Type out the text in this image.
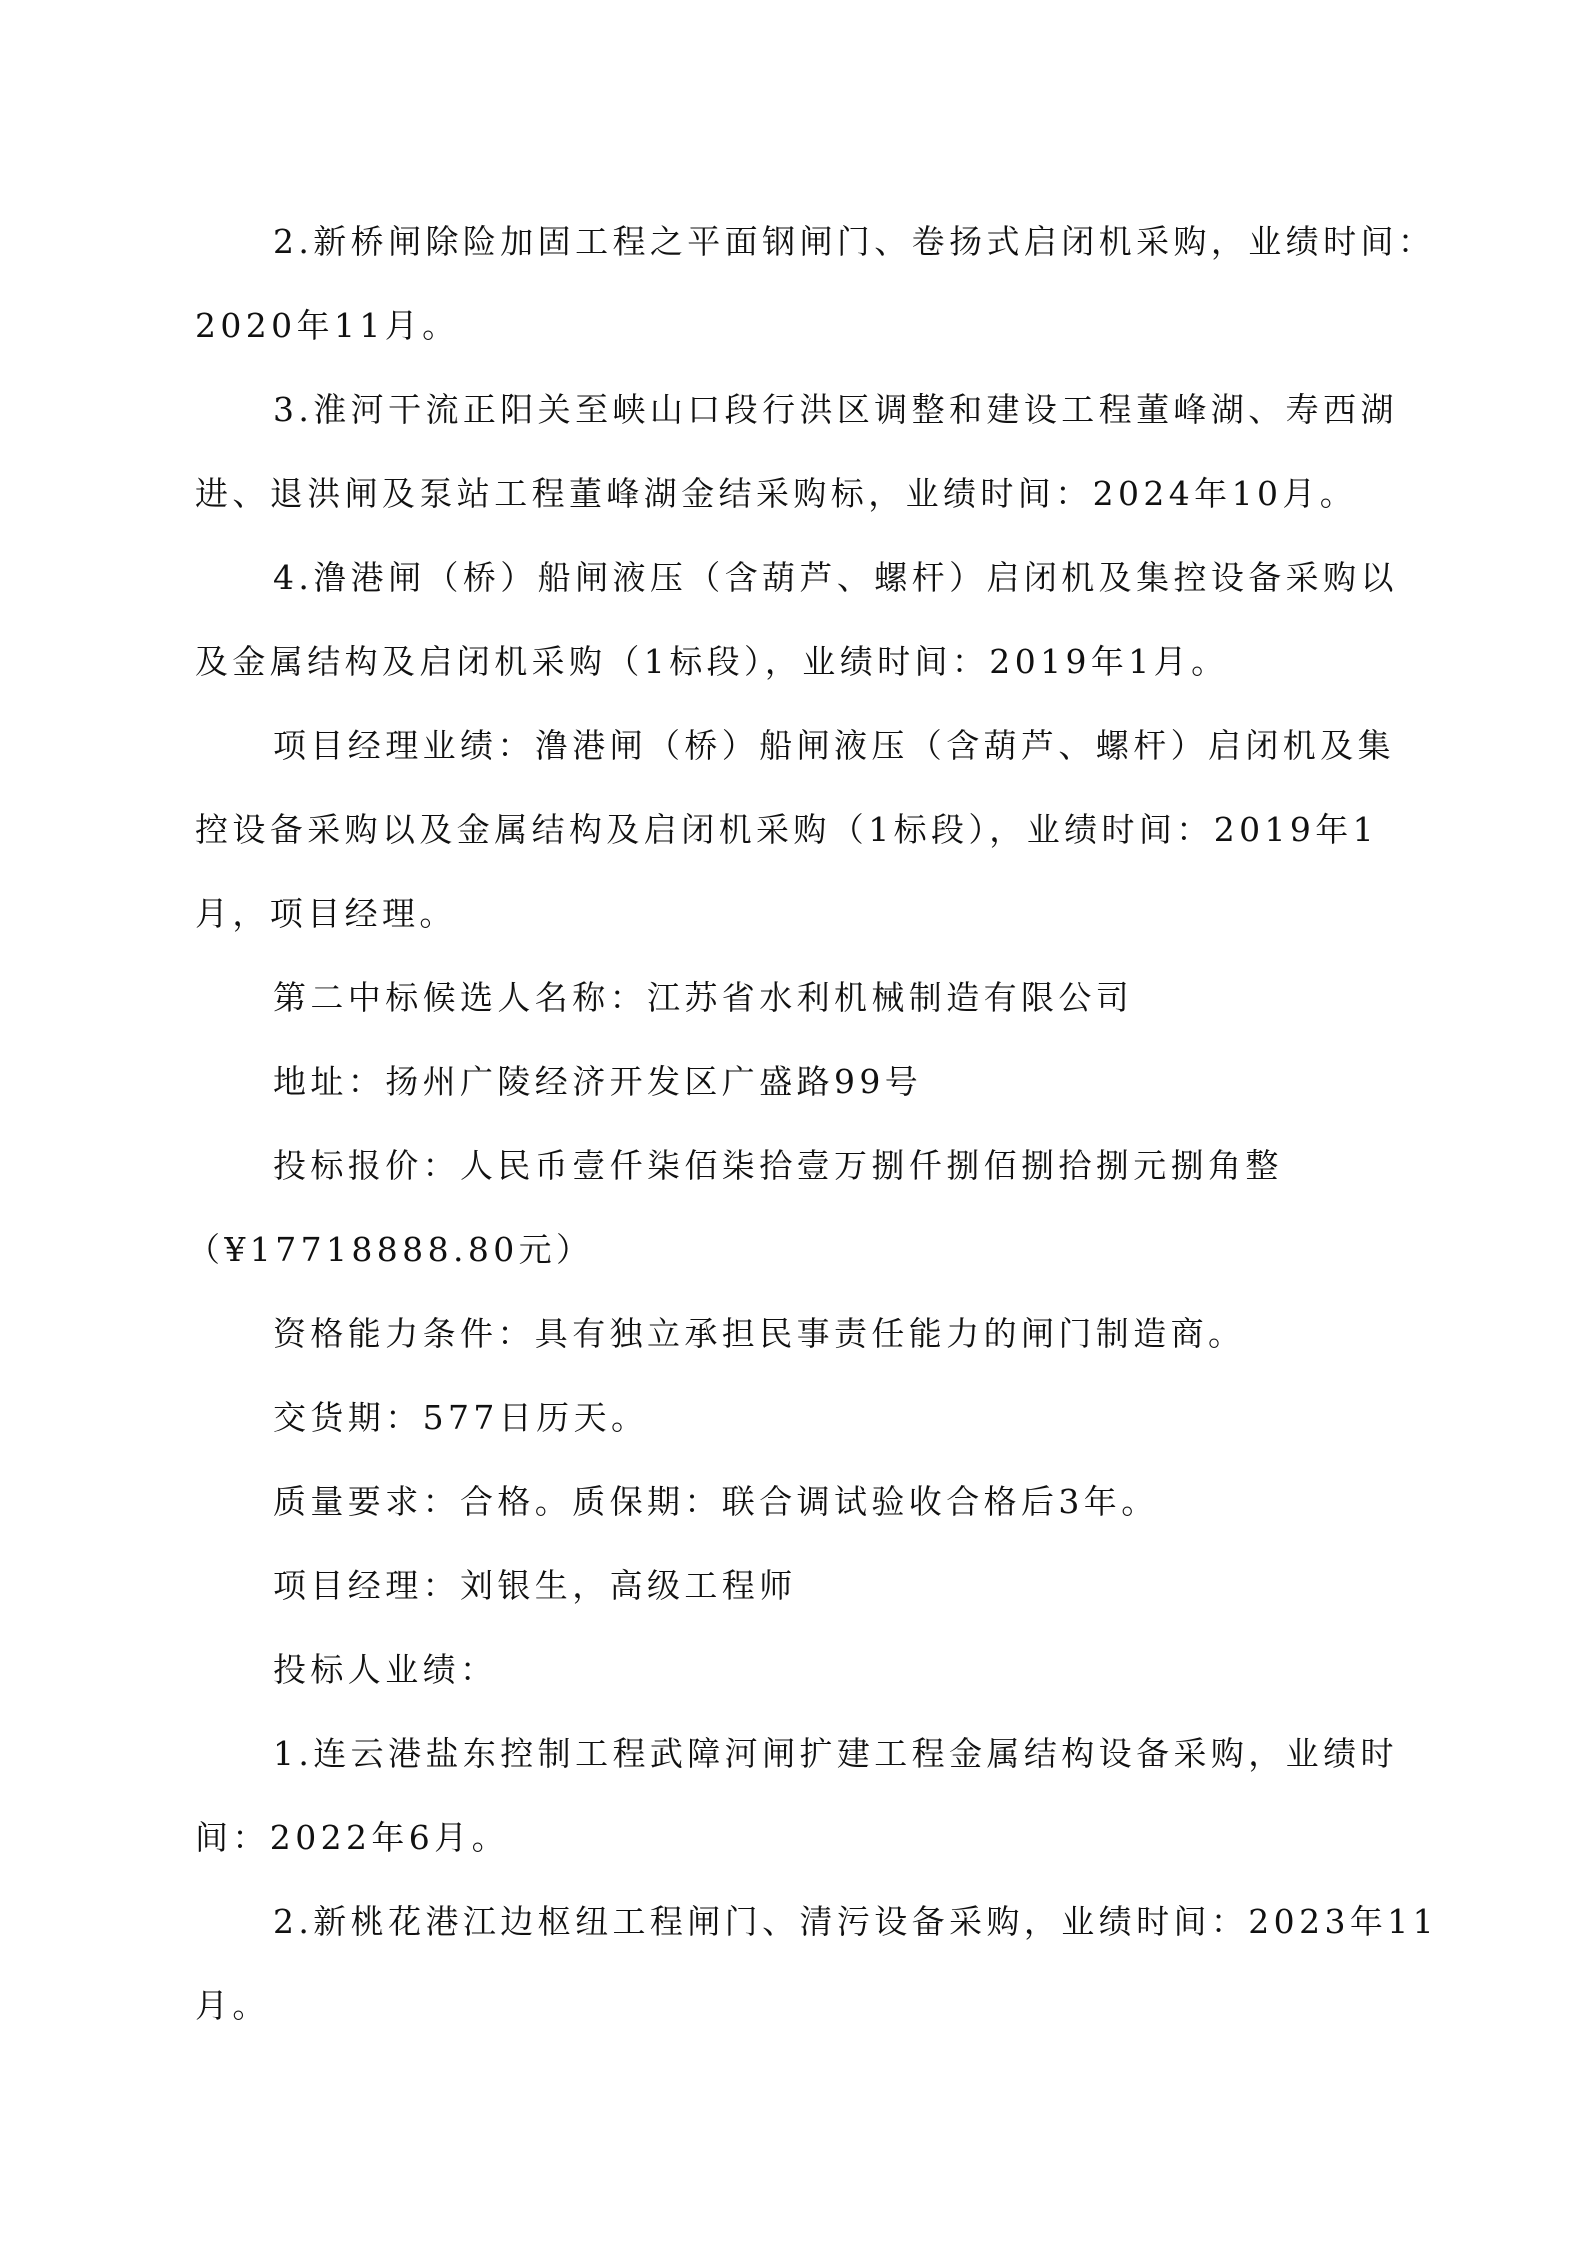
2.新桥闸除险加固工程之平面钢闸门、卷扬式启闭机采购，业绩时间：

2020年11月。

3.淮河干流正阳关至峡山口段行洪区调整和建设工程董峰湖、寿西湖

进、退洪闸及泵站工程董峰湖金结采购标，业绩时间：2024年10月。

4.澛港闸（桥）船闸液压（含葫芦、螺杆）启闭机及集控设备采购以

及金属结构及启闭机采购（1标段），业绩时间：2019年1月。

项目经理业绩：澛港闸（桥）船闸液压（含葫芦、螺杆）启闭机及集

控设备采购以及金属结构及启闭机采购（1标段），业绩时间：2019年1

月，项目经理。

第二中标候选人名称：江苏省水利机械制造有限公司

地址：扬州广陵经济开发区广盛路99号

投标报价：人民币壹仟柒佰柒拾壹万捌仟捌佰捌拾捌元捌角整

（¥17718888.80元）

资格能力条件：具有独立承担民事责任能力的闸门制造商。

交货期：577日历天。

质量要求：合格。质保期：联合调试验收合格后3年。

项目经理：刘银生，高级工程师

投标人业绩：

1.连云港盐东控制工程武障河闸扩建工程金属结构设备采购，业绩时

间：2022年6月。

2.新桃花港江边枢纽工程闸门、清污设备采购，业绩时间：2023年11

月。
